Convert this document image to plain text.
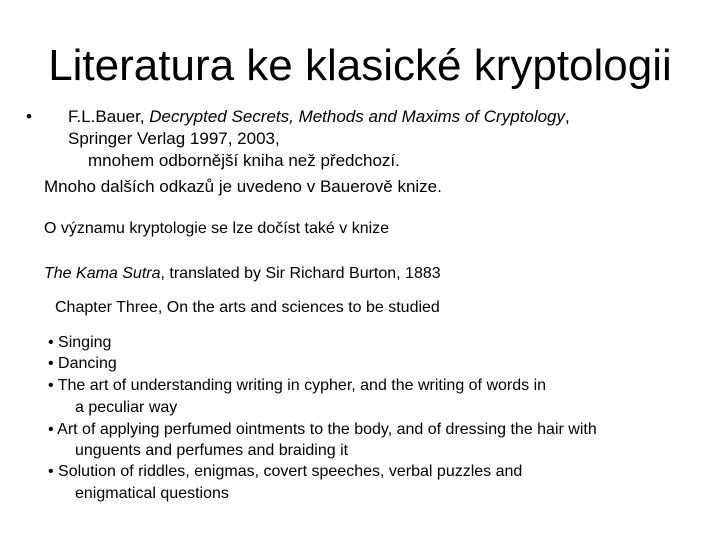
Literatura ke klasické kryptologii
• F.L.Bauer, Decrypted Secrets, Methods and Maxims of Cryptology,
Springer Verlag 1997, 2003,
mnohem odbornější kniha než předchozí.
Mnoho dalších odkazů je uvedeno v Bauerově knize.
O významu kryptologie se lze dočíst také v knize
The Kama Sutra, translated by Sir Richard Burton, 1883
Chapter Three, On the arts and sciences to be studied
• Singing
• Dancing
• The art of understanding writing in cypher, and the writing of words in
a peculiar way
• Art of applying perfumed ointments to the body, and of dressing the hair with
unguents and perfumes and braiding it
• Solution of riddles, enigmas, covert speeches, verbal puzzles and
enigmatical questions
